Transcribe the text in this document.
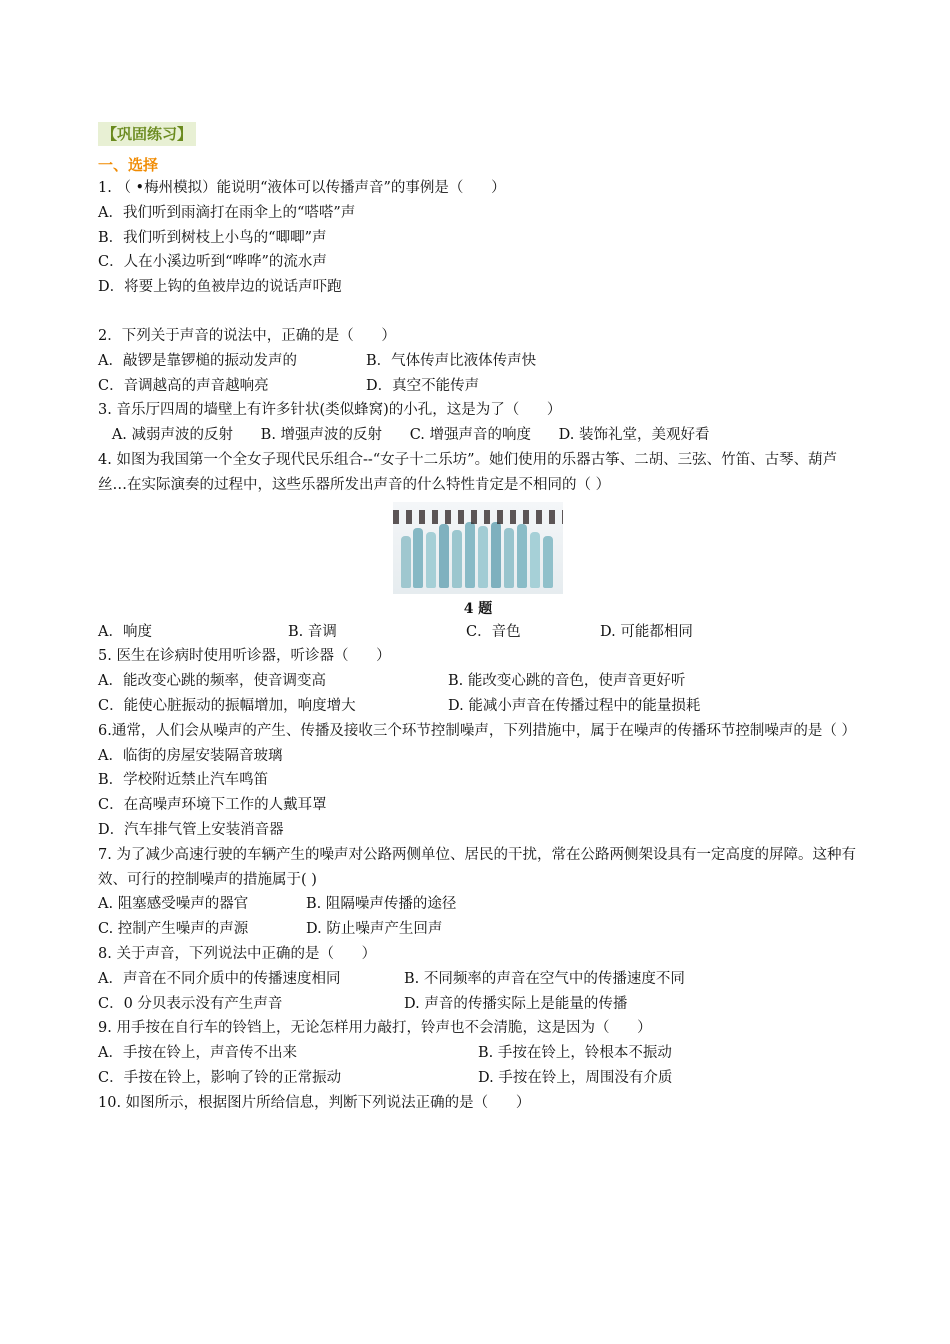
【巩固练习】
一、选择
1. （ •梅州模拟）能说明“液体可以传播声音”的事例是（      ）
A．我们听到雨滴打在雨伞上的“嗒嗒”声
B．我们听到树枝上小鸟的“唧唧”声
C．人在小溪边听到“哗哗”的流水声
D．将要上钩的鱼被岸边的说话声吓跑
2．下列关于声音的说法中，正确的是（      ）
A．敲锣是靠锣槌的振动发声的	B．气体传声比液体传声快
C．音调越高的声音越响亮	D．真空不能传声
3. 音乐厅四周的墙壁上有许多针状(类似蜂窝)的小孔，这是为了（      ）
A. 减弱声波的反射      B. 增强声波的反射      C. 增强声音的响度      D. 装饰礼堂，美观好看
4. 如图为我国第一个全女子现代民乐组合--“女子十二乐坊”。她们使用的乐器古筝、二胡、三弦、竹笛、古琴、葫芦丝…在实际演奏的过程中，这些乐器所发出声音的什么特性肯定是不相同的（ ）
4 题
A．响度	B. 音调	C．音色	D. 可能都相同
5. 医生在诊病时使用听诊器，听诊器（      ）
A．能改变心跳的频率，使音调变高	B. 能改变心跳的音色，使声音更好听
C．能使心脏振动的振幅增加，响度增大	D. 能减小声音在传播过程中的能量损耗
6.通常，人们会从噪声的产生、传播及接收三个环节控制噪声，下列措施中，属于在噪声的传播环节控制噪声的是（ ）
A．临街的房屋安装隔音玻璃
B．学校附近禁止汽车鸣笛
C．在高噪声环境下工作的人戴耳罩
D．汽车排气管上安装消音器
7. 为了减少高速行驶的车辆产生的噪声对公路两侧单位、居民的干扰，常在公路两侧架设具有一定高度的屏障。这种有效、可行的控制噪声的措施属于( )
A. 阻塞感受噪声的器官	B. 阻隔噪声传播的途径
C. 控制产生噪声的声源	D. 防止噪声产生回声
8. 关于声音，下列说法中正确的是（      ）
A．声音在不同介质中的传播速度相同	B. 不同频率的声音在空气中的传播速度不同
C．0 分贝表示没有产生声音	D. 声音的传播实际上是能量的传播
9. 用手按在自行车的铃铛上，无论怎样用力敲打，铃声也不会清脆，这是因为（      ）
A．手按在铃上，声音传不出来	B. 手按在铃上，铃根本不振动
C．手按在铃上，影响了铃的正常振动	D. 手按在铃上，周围没有介质
10. 如图所示，根据图片所给信息，判断下列说法正确的是（      ）
